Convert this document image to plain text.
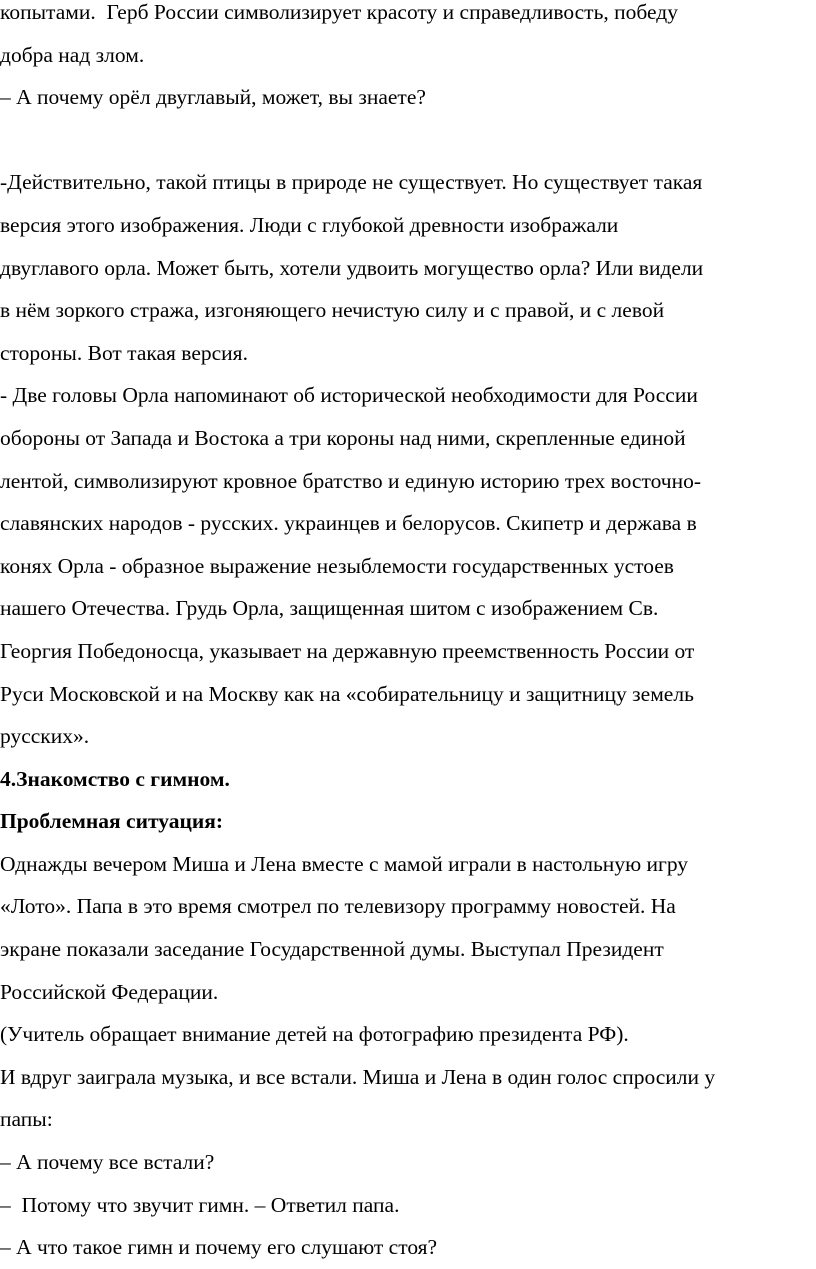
копытами.  Герб России символизирует красоту и справедливость, победу

добра над злом.

– А почему орёл двуглавый, может, вы знаете?

-Действительно, такой птицы в природе не существует. Но существует такая

версия этого изображения. Люди с глубокой древности изображали

двуглавого орла. Может быть, хотели удвоить могущество орла? Или видели

в нём зоркого стража, изгоняющего нечистую силу и с правой, и с левой

стороны. Вот такая версия.

- Две головы Орла напоминают об исторической необходимости для России

обороны от Запада и Востока а три короны над ними, скрепленные единой

лентой, символизируют кровное братство и единую историю трех восточно-

славянских народов - русских. украинцев и белорусов. Скипетр и держава в

конях Орла - образное выражение незыблемости государственных устоев

нашего Отечества. Грудь Орла, защищенная шитом с изображением Св.

Георгия Победоносца, указывает на державную преемственность России от

Руси Московской и на Москву как на «собирательницу и защитницу земель

русских».

4.Знакомство с гимном.

Проблемная ситуация:

Однажды вечером Миша и Лена вместе с мамой играли в настольную игру

«Лото». Папа в это время смотрел по телевизору программу новостей. На

экране показали заседание Государственной думы. Выступал Президент

Российской Федерации.

(Учитель обращает внимание детей на фотографию президента РФ).

И вдруг заиграла музыка, и все встали. Миша и Лена в один голос спросили у

папы:

– А почему все встали?

–  Потому что звучит гимн. – Ответил папа.

– А что такое гимн и почему его слушают стоя?
